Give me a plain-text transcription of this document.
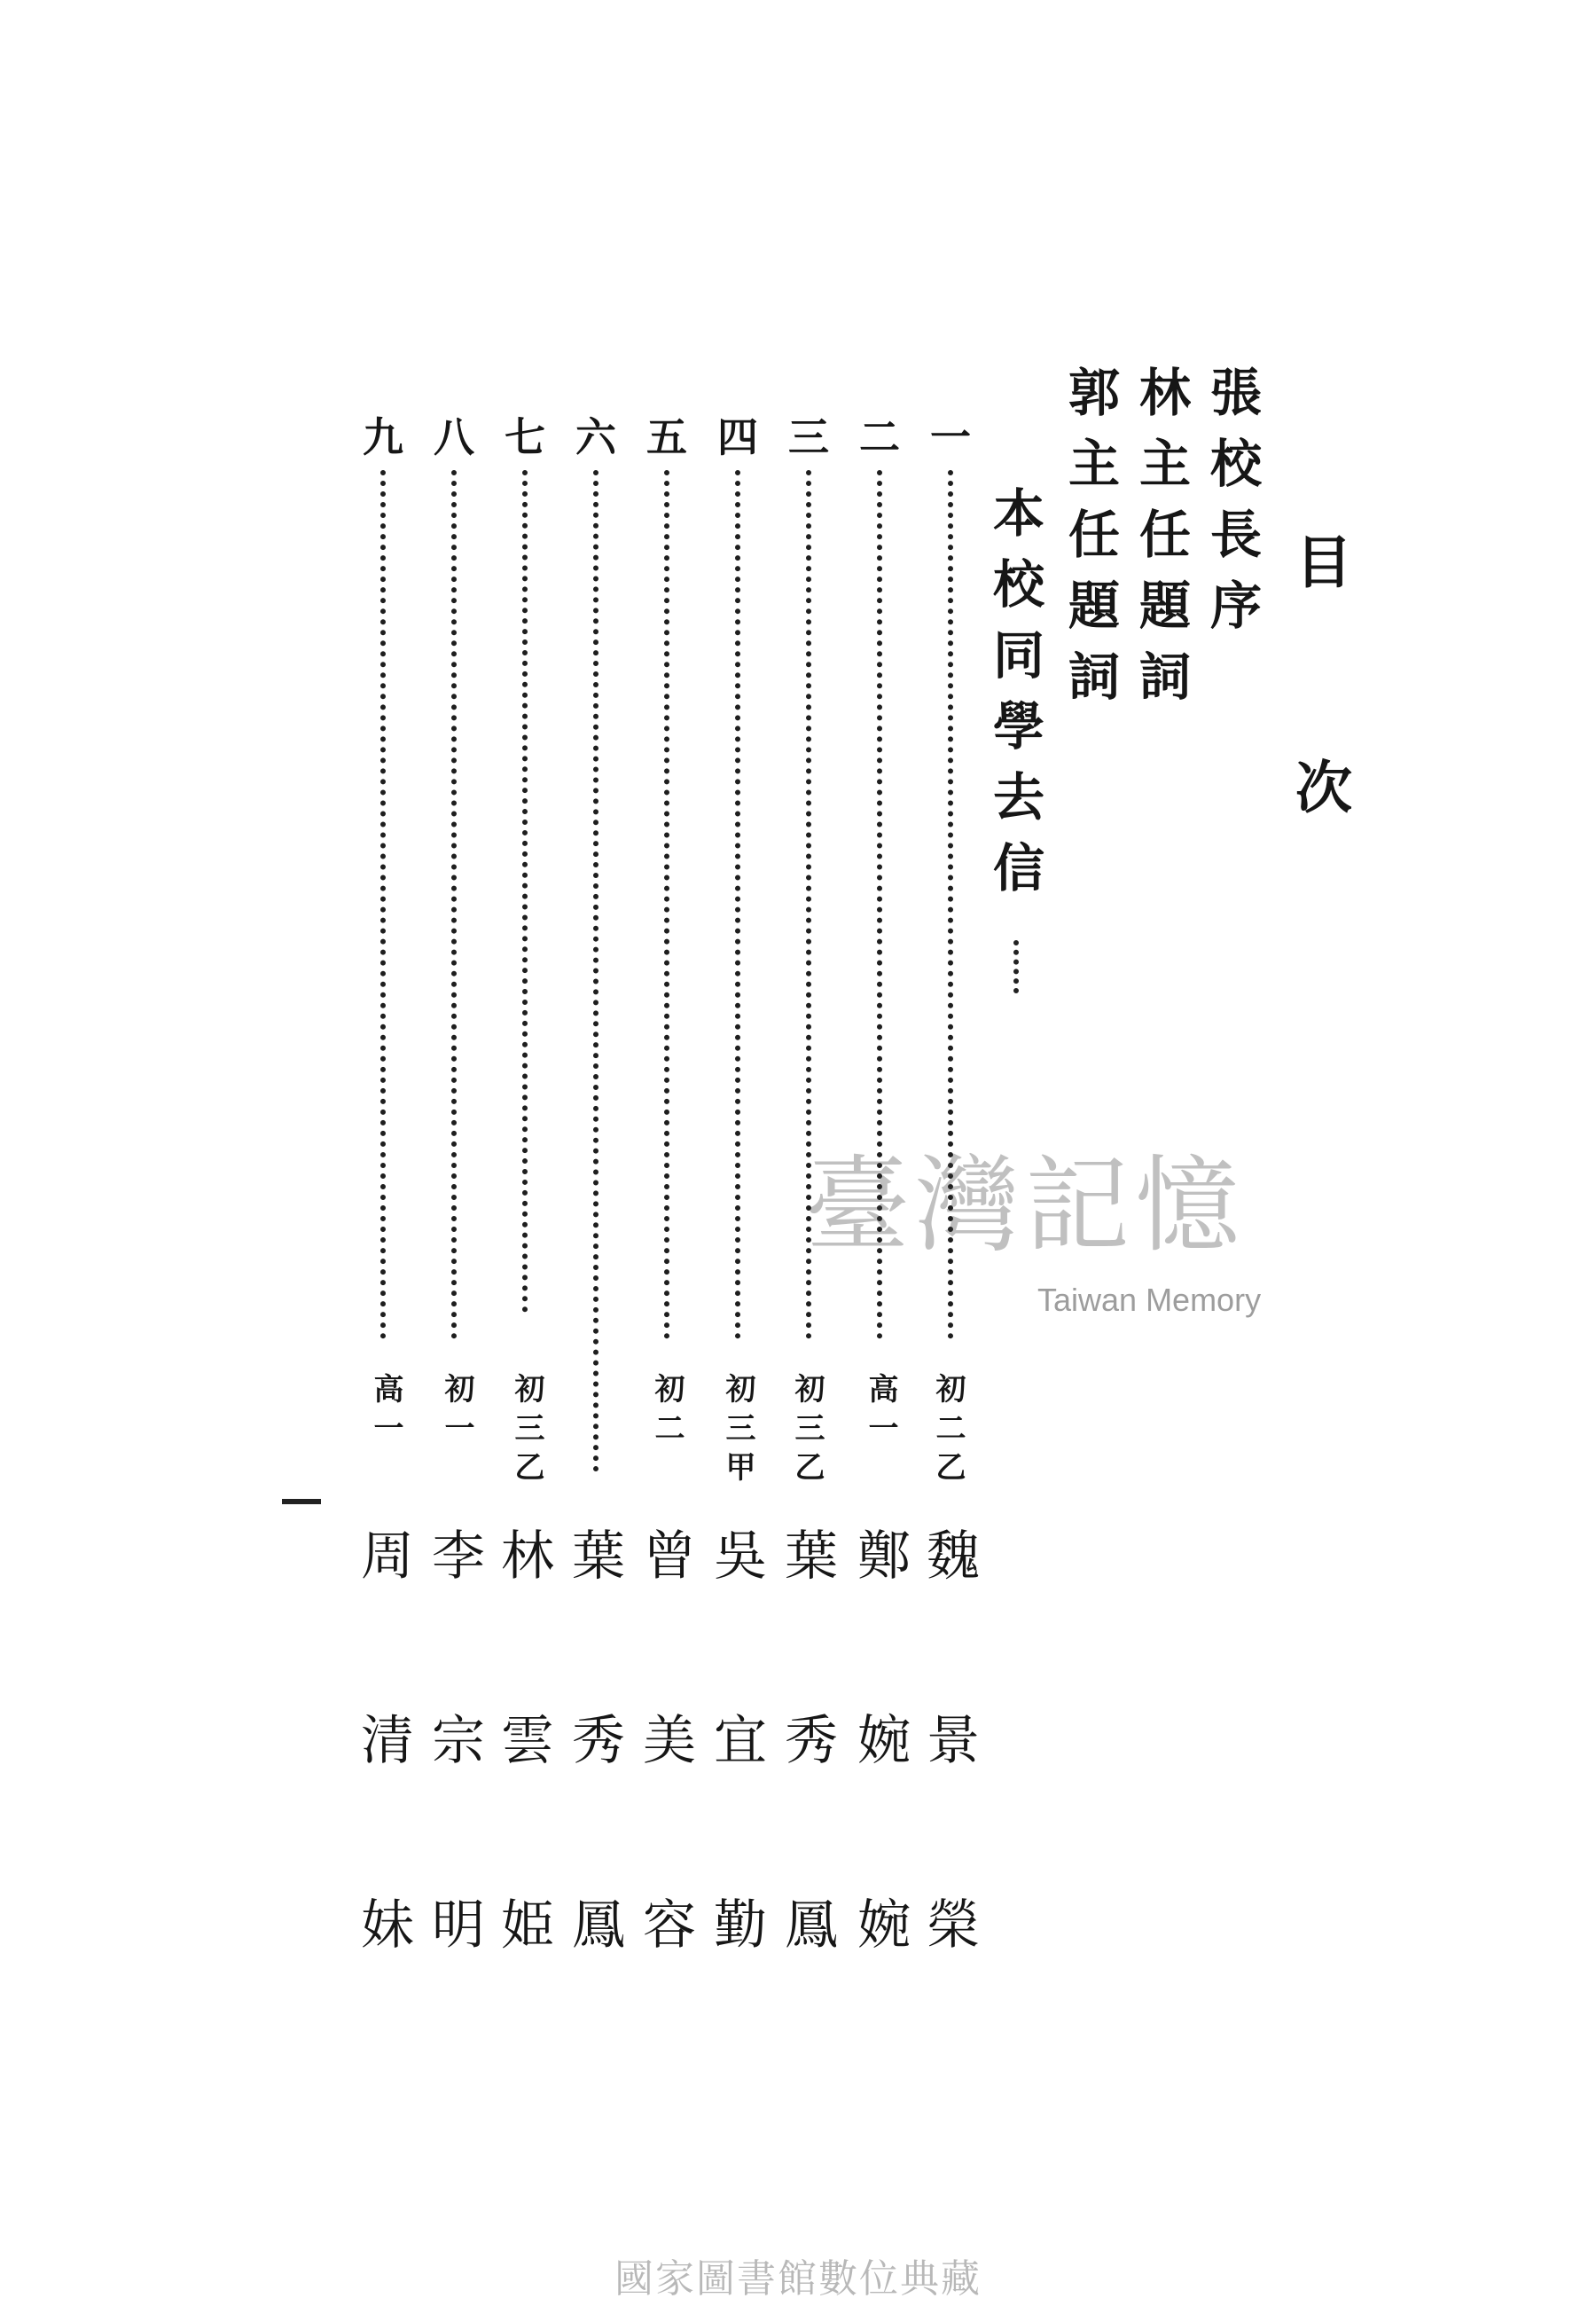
目次
張校長序
林主任題詞
郭主任題詞
本校同學去信
一
初二乙
魏景榮
二
高一
鄭婉婉
三
初三乙
葉秀鳳
四
初三甲
吳宜勤
五
初二
曾美容
六
葉秀鳳
七
初三乙
林雲姫
八
初一
李宗明
九
高一
周清妹
臺灣記憶
Taiwan Memory
國家圖書館數位典藏
